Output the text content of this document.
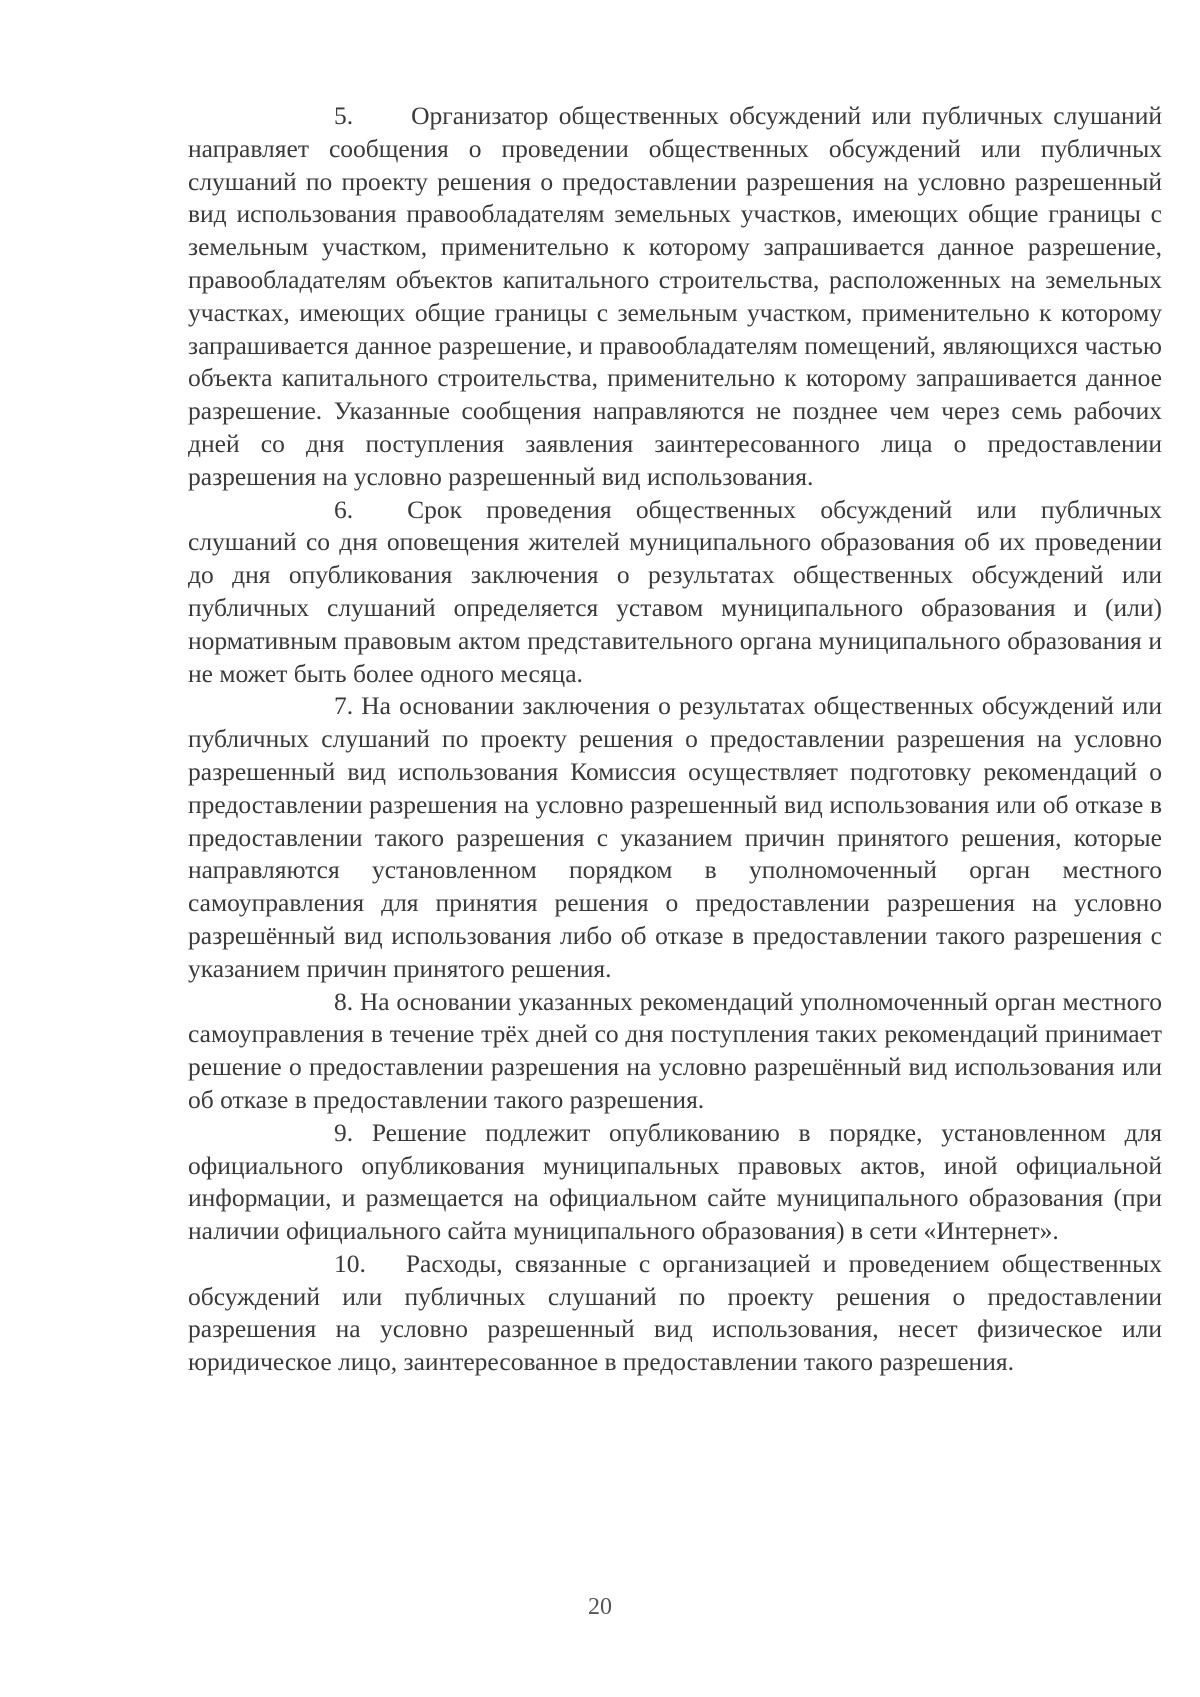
5. Организатор общественных обсуждений или публичных слушаний направляет сообщения о проведении общественных обсуждений или публичных слушаний по проекту решения о предоставлении разрешения на условно разрешенный вид использования правообладателям земельных участков, имеющих общие границы с земельным участком, применительно к которому запрашивается данное разрешение, правообладателям объектов капитального строительства, расположенных на земельных участках, имеющих общие границы с земельным участком, применительно к которому запрашивается данное разрешение, и правообладателям помещений, являющихся частью объекта капитального строительства, применительно к которому запрашивается данное разрешение. Указанные сообщения направляются не позднее чем через семь рабочих дней со дня поступления заявления заинтересованного лица о предоставлении разрешения на условно разрешенный вид использования.

6. Срок проведения общественных обсуждений или публичных слушаний со дня оповещения жителей муниципального образования об их проведении до дня опубликования заключения о результатах общественных обсуждений или публичных слушаний определяется уставом муниципального образования и (или) нормативным правовым актом представительного органа муниципального образования и не может быть более одного месяца.

7. На основании заключения о результатах общественных обсуждений или публичных слушаний по проекту решения о предоставлении разрешения на условно разрешенный вид использования Комиссия осуществляет подготовку рекомендаций о предоставлении разрешения на условно разрешенный вид использования или об отказе в предоставлении такого разрешения с указанием причин принятого решения, которые направляются установленном порядком в уполномоченный орган местного самоуправления для принятия решения о предоставлении разрешения на условно разрешённый вид использования либо об отказе в предоставлении такого разрешения с указанием причин принятого решения.

8. На основании указанных рекомендаций уполномоченный орган местного самоуправления в течение трёх дней со дня поступления таких рекомендаций принимает решение о предоставлении разрешения на условно разрешённый вид использования или об отказе в предоставлении такого разрешения.

9. Решение подлежит опубликованию в порядке, установленном для официального опубликования муниципальных правовых актов, иной официальной информации, и размещается на официальном сайте муниципального образования (при наличии официального сайта муниципального образования) в сети «Интернет».

10. Расходы, связанные с организацией и проведением общественных обсуждений или публичных слушаний по проекту решения о предоставлении разрешения на условно разрешенный вид использования, несет физическое или юридическое лицо, заинтересованное в предоставлении такого разрешения.

20
